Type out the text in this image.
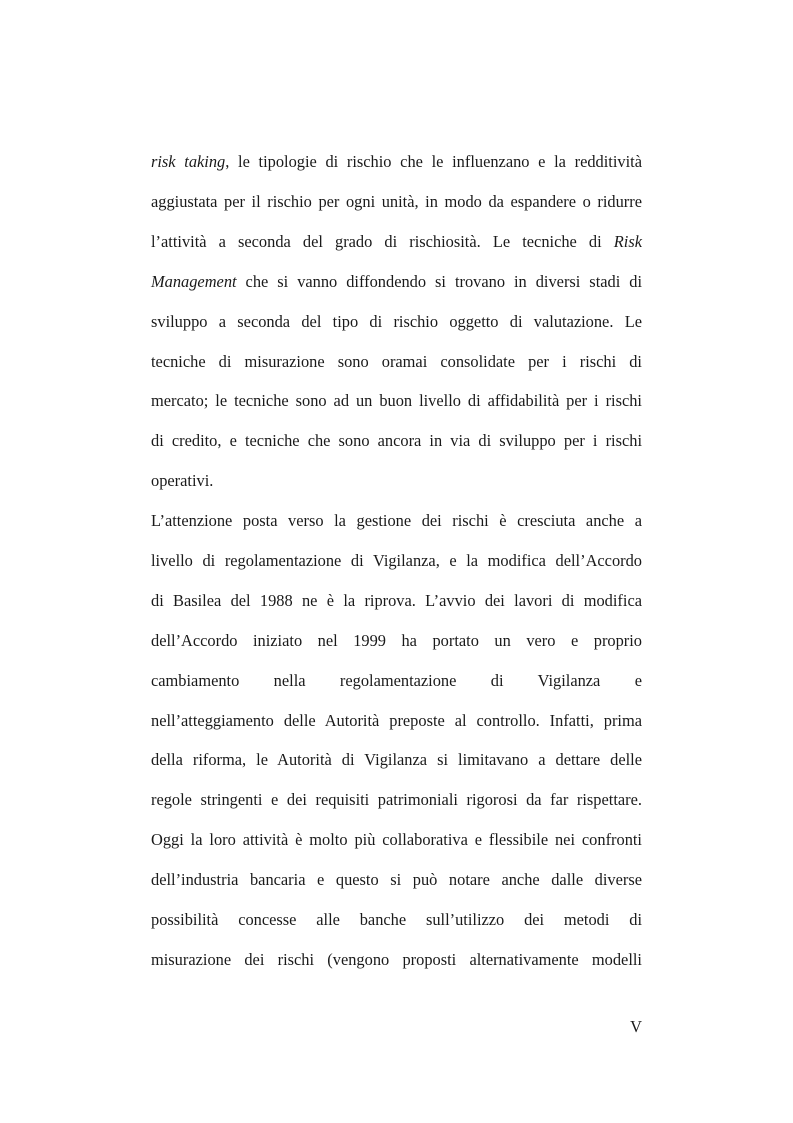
risk taking, le tipologie di rischio che le influenzano e la redditività
aggiustata per il rischio per ogni unità, in modo da espandere o ridurre
l’attività a seconda del grado di rischiosità. Le tecniche di Risk
Management che si vanno diffondendo si trovano in diversi stadi di
sviluppo a seconda del tipo di rischio oggetto di valutazione. Le
tecniche di misurazione sono oramai consolidate per i rischi di
mercato; le tecniche sono ad un buon livello di affidabilità per i rischi
di credito, e tecniche che sono ancora in via di sviluppo per i rischi
operativi.
L’attenzione posta verso la gestione dei rischi è cresciuta anche a
livello di regolamentazione di Vigilanza, e la modifica dell’Accordo
di Basilea del 1988 ne è la riprova. L’avvio dei lavori di modifica
dell’Accordo iniziato nel 1999 ha portato un vero e proprio
cambiamento nella regolamentazione di Vigilanza e
nell’atteggiamento delle Autorità preposte al controllo. Infatti, prima
della riforma, le Autorità di Vigilanza si limitavano a dettare delle
regole stringenti e dei requisiti patrimoniali rigorosi da far rispettare.
Oggi la loro attività è molto più collaborativa e flessibile nei confronti
dell’industria bancaria e questo si può notare anche dalle diverse
possibilità concesse alle banche sull’utilizzo dei metodi di
misurazione dei rischi (vengono proposti alternativamente modelli
V
